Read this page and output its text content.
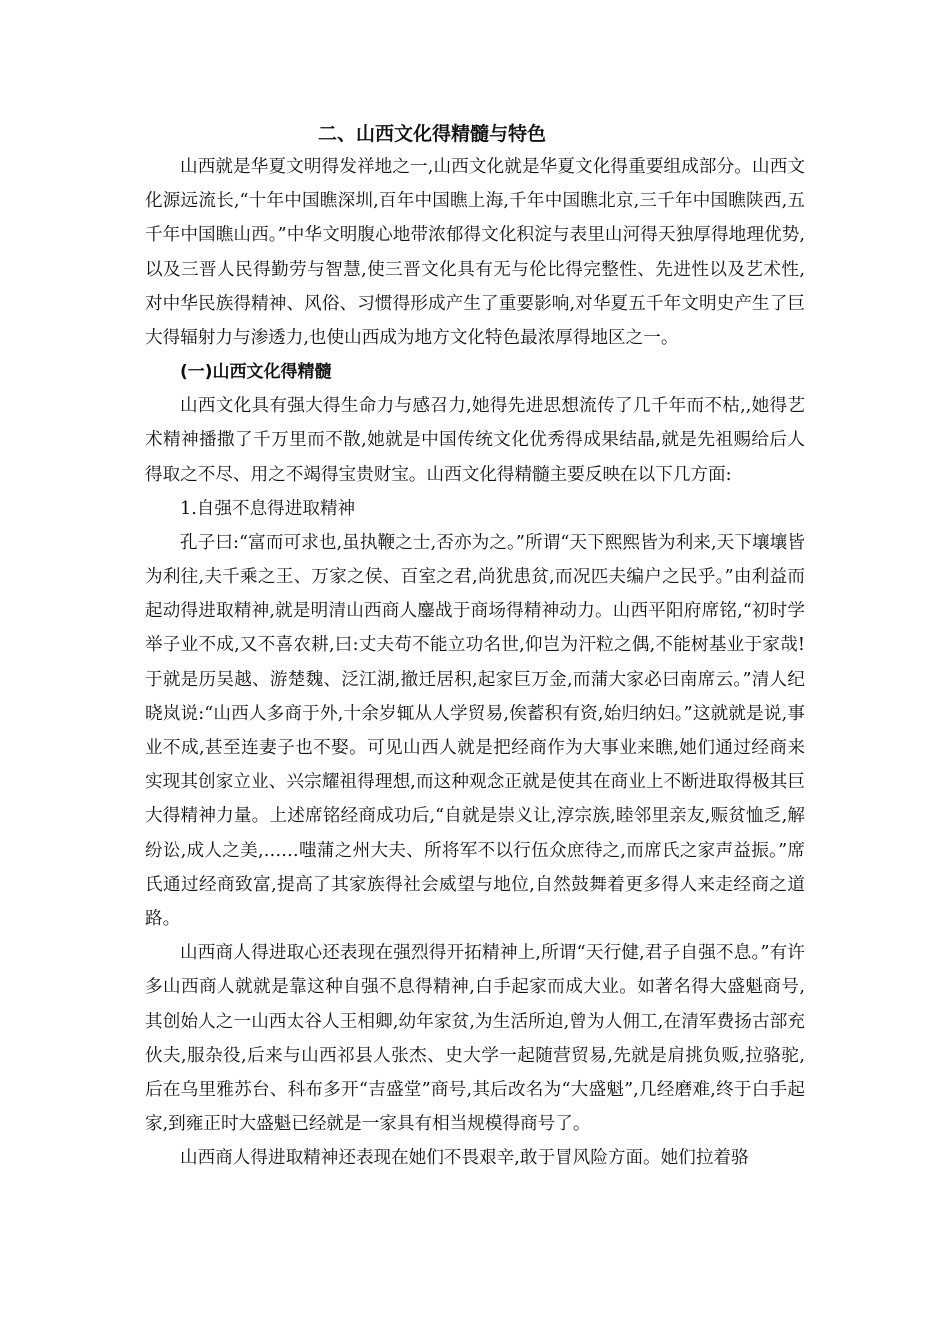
二、山西文化得精髓与特色

山西就是华夏文明得发祥地之一,山西文化就是华夏文化得重要组成部分。山西文化源远流长,“十年中国瞧深圳,百年中国瞧上海,千年中国瞧北京,三千年中国瞧陕西,五千年中国瞧山西。”中华文明腹心地带浓郁得文化积淀与表里山河得天独厚得地理优势,以及三晋人民得勤劳与智慧,使三晋文化具有无与伦比得完整性、先进性以及艺术性,对中华民族得精神、风俗、习惯得形成产生了重要影响,对华夏五千年文明史产生了巨大得辐射力与渗透力,也使山西成为地方文化特色最浓厚得地区之一。

(一)山西文化得精髓

山西文化具有强大得生命力与感召力,她得先进思想流传了几千年而不枯,,她得艺术精神播撒了千万里而不散,她就是中国传统文化优秀得成果结晶,就是先祖赐给后人得取之不尽、用之不竭得宝贵财宝。山西文化得精髓主要反映在以下几方面:

1.自强不息得进取精神

孔子曰:“富而可求也,虽执鞭之士,否亦为之。”所谓“天下熙熙皆为利来,天下壤壤皆为利往,夫千乘之王、万家之侯、百室之君,尚犹患贫,而况匹夫编户之民乎。”由利益而起动得进取精神,就是明清山西商人鏖战于商场得精神动力。山西平阳府席铭,“初时学举子业不成,又不喜农耕,曰:丈夫苟不能立功名世,仰岂为汗粒之偶,不能树基业于家哉!于就是历吴越、游楚魏、泛江湖,撤迁居积,起家巨万金,而蒲大家必曰南席云。”清人纪晓岚说:“山西人多商于外,十余岁辄从人学贸易,俟蓄积有资,始归纳妇。”这就就是说,事业不成,甚至连妻子也不娶。可见山西人就是把经商作为大事业来瞧,她们通过经商来实现其创家立业、兴宗耀祖得理想,而这种观念正就是使其在商业上不断进取得极其巨大得精神力量。上述席铭经商成功后,“自就是崇义让,淳宗族,睦邻里亲友,赈贫恤乏,解纷讼,成人之美,……嗤蒲之州大夫、所将军不以行伍众庶待之,而席氏之家声益振。”席氏通过经商致富,提高了其家族得社会威望与地位,自然鼓舞着更多得人来走经商之道路。

山西商人得进取心还表现在强烈得开拓精神上,所谓“天行健,君子自强不息。”有许多山西商人就就是靠这种自强不息得精神,白手起家而成大业。如著名得大盛魁商号,其创始人之一山西太谷人王相卿,幼年家贫,为生活所迫,曾为人佣工,在清军费扬古部充伙夫,服杂役,后来与山西祁县人张杰、史大学一起随营贸易,先就是肩挑负贩,拉骆驼,后在乌里雅苏台、科布多开“吉盛堂”商号,其后改名为“大盛魁”,几经磨难,终于白手起家,到雍正时大盛魁已经就是一家具有相当规模得商号了。

山西商人得进取精神还表现在她们不畏艰辛,敢于冒风险方面。她们拉着骆
